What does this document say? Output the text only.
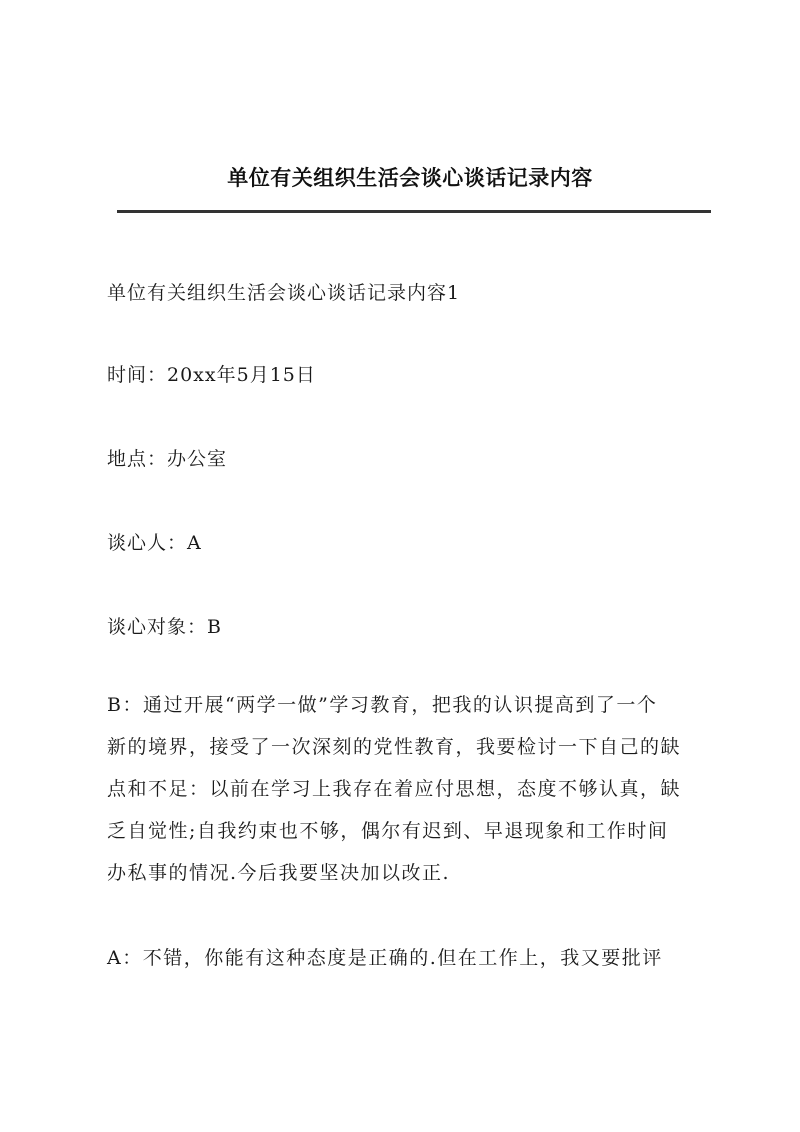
单位有关组织生活会谈心谈话记录内容
单位有关组织生活会谈心谈话记录内容1
时间：20xx年5月15日
地点：办公室
谈心人：A
谈心对象：B
B：通过开展“两学一做”学习教育，把我的认识提高到了一个
新的境界，接受了一次深刻的党性教育，我要检讨一下自己的缺
点和不足：以前在学习上我存在着应付思想，态度不够认真，缺
乏自觉性;自我约束也不够，偶尔有迟到、早退现象和工作时间
办私事的情况.今后我要坚决加以改正.
A：不错，你能有这种态度是正确的.但在工作上，我又要批评
